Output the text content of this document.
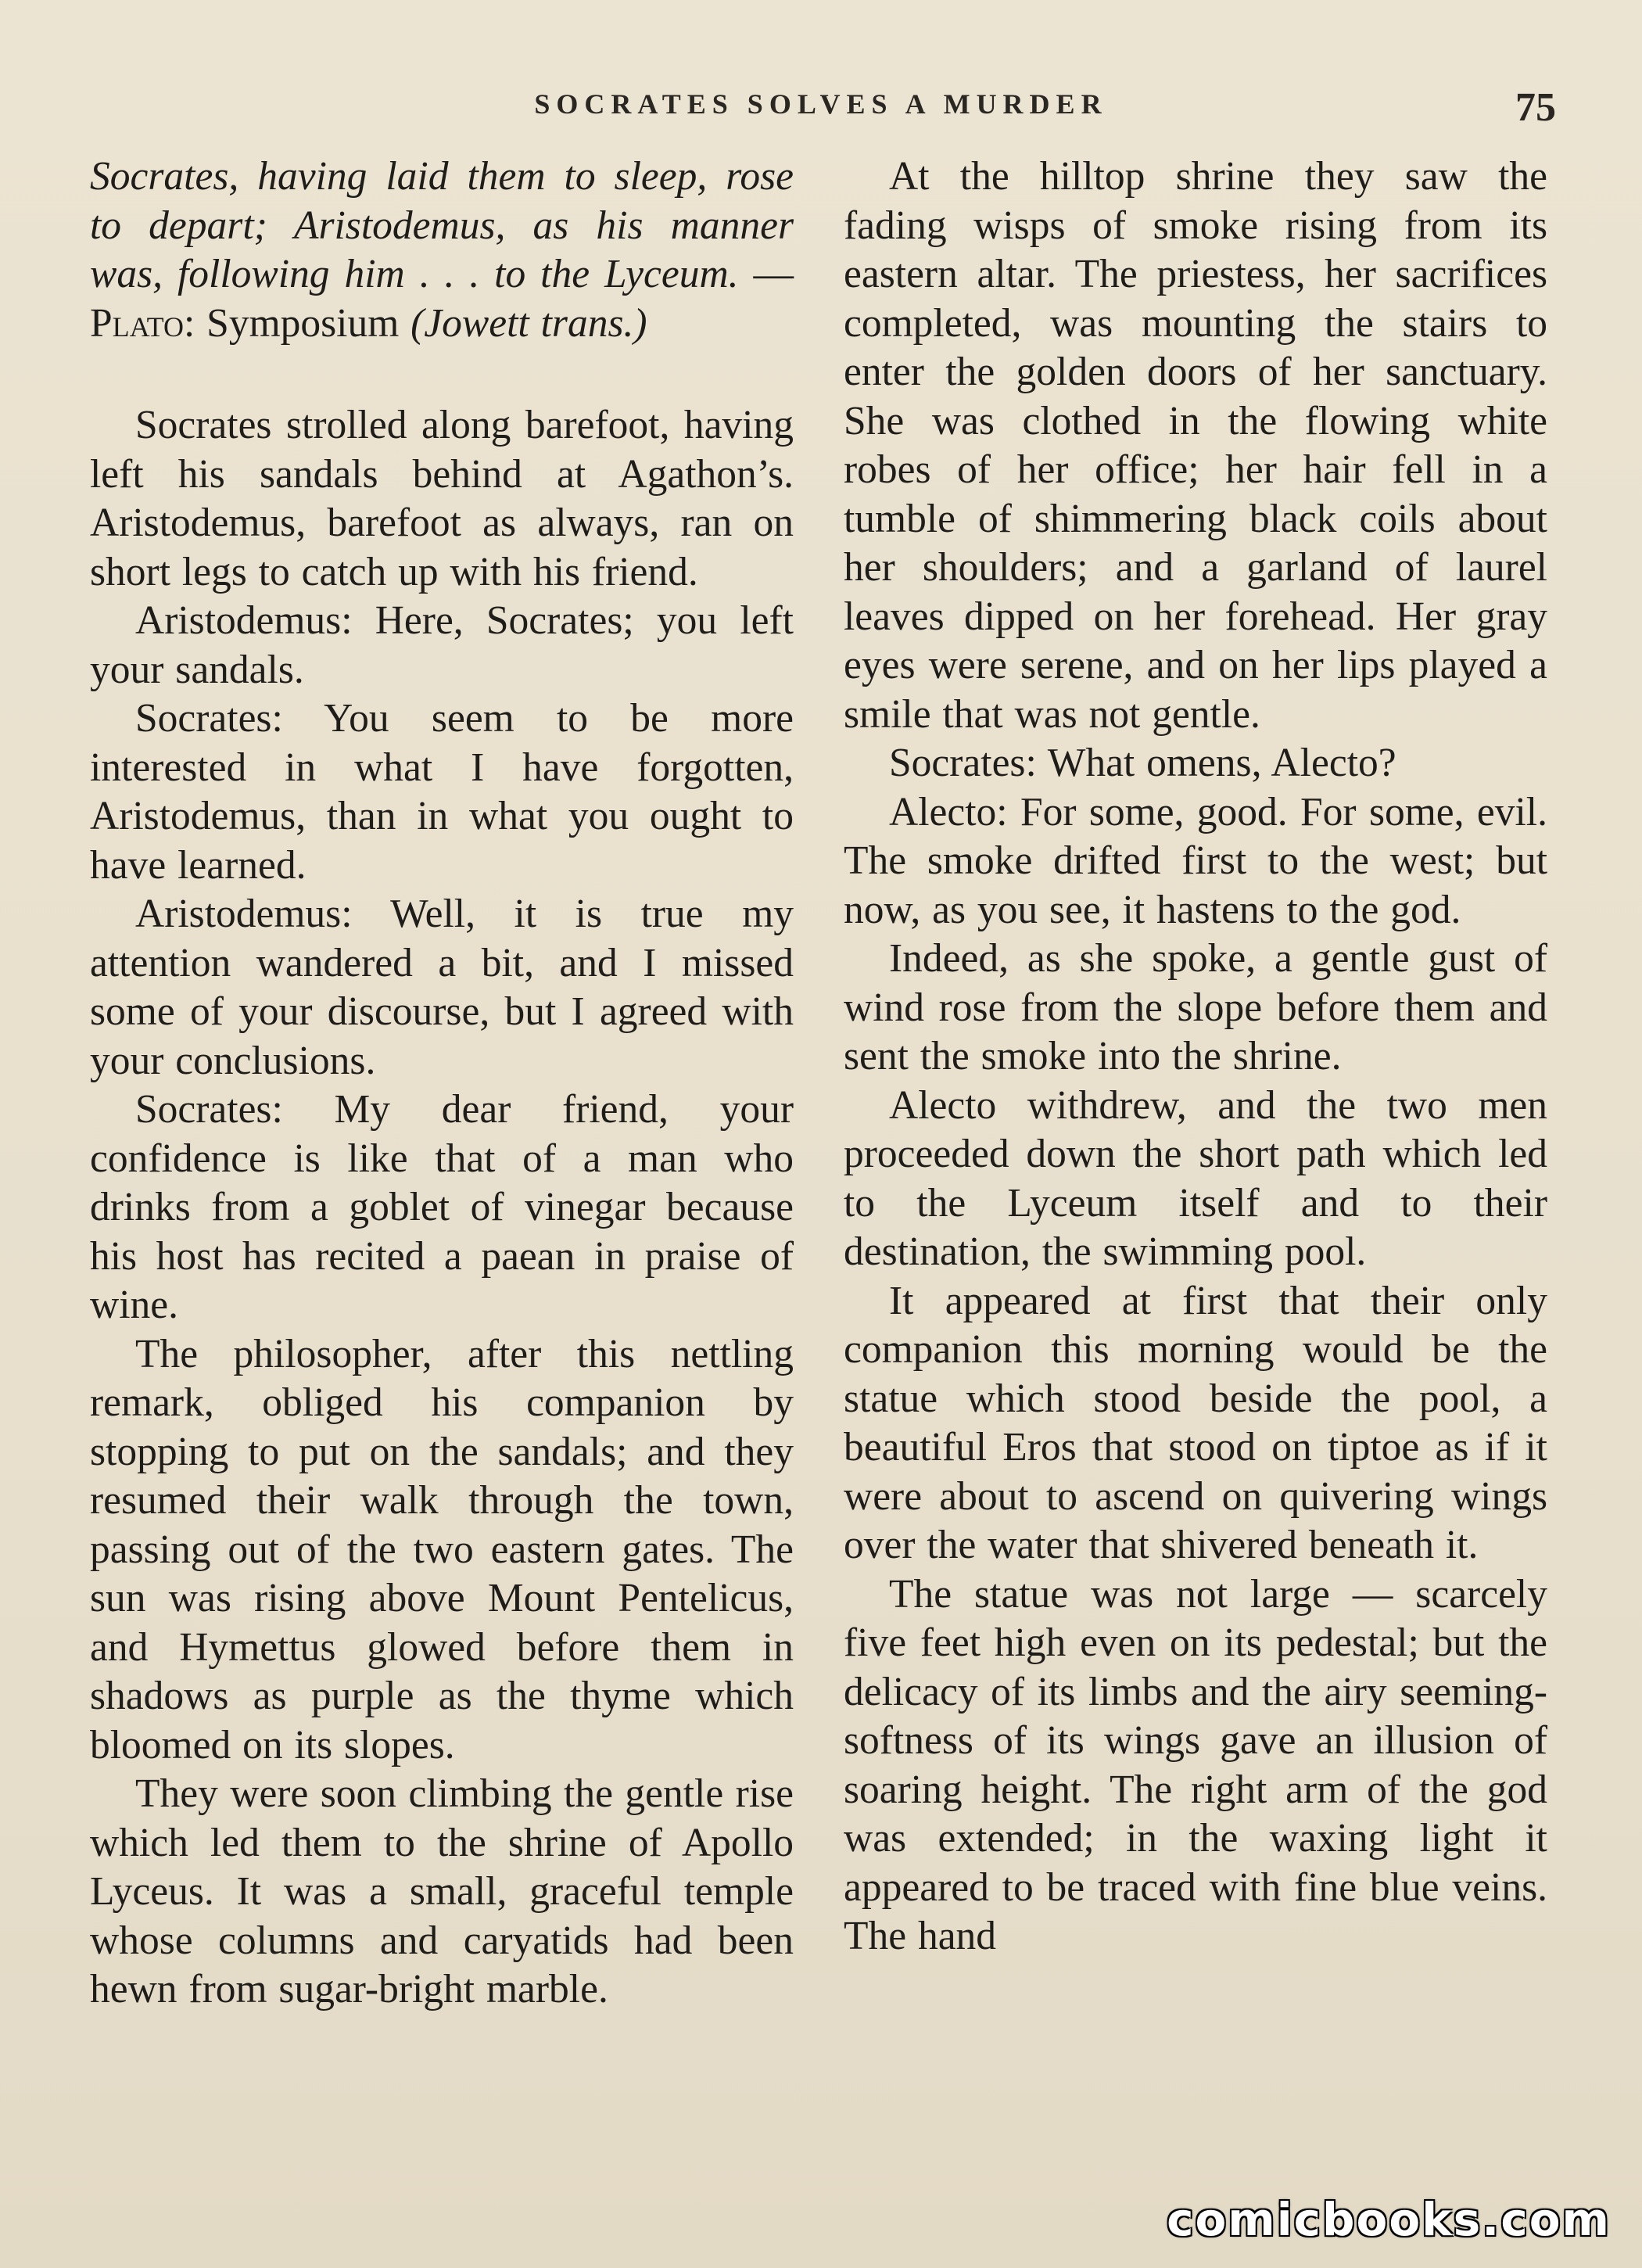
SOCRATES SOLVES A MURDER	75

Socrates, having laid them to sleep, rose to depart; Aristodemus, as his manner was, following him . . . to the Lyceum. — Plato: Symposium (Jowett trans.)

Socrates strolled along barefoot, having left his sandals behind at Agathon’s. Aristodemus, barefoot as always, ran on short legs to catch up with his friend.

Aristodemus: Here, Socrates; you left your sandals.

Socrates: You seem to be more interested in what I have forgotten, Aristodemus, than in what you ought to have learned.

Aristodemus: Well, it is true my attention wandered a bit, and I missed some of your discourse, but I agreed with your conclusions.

Socrates: My dear friend, your confidence is like that of a man who drinks from a goblet of vinegar because his host has recited a paean in praise of wine.

The philosopher, after this nettling remark, obliged his companion by stopping to put on the sandals; and they resumed their walk through the town, passing out of the two eastern gates. The sun was rising above Mount Pentelicus, and Hymettus glowed before them in shadows as purple as the thyme which bloomed on its slopes.

They were soon climbing the gentle rise which led them to the shrine of Apollo Lyceus. It was a small, graceful temple whose columns and caryatids had been hewn from sugar-bright marble.

At the hilltop shrine they saw the fading wisps of smoke rising from its eastern altar. The priestess, her sacrifices completed, was mounting the stairs to enter the golden doors of her sanctuary. She was clothed in the flowing white robes of her office; her hair fell in a tumble of shimmering black coils about her shoulders; and a garland of laurel leaves dipped on her forehead. Her gray eyes were serene, and on her lips played a smile that was not gentle.

Socrates: What omens, Alecto?

Alecto: For some, good. For some, evil. The smoke drifted first to the west; but now, as you see, it hastens to the god.

Indeed, as she spoke, a gentle gust of wind rose from the slope before them and sent the smoke into the shrine.

Alecto withdrew, and the two men proceeded down the short path which led to the Lyceum itself and to their destination, the swimming pool.

It appeared at first that their only companion this morning would be the statue which stood beside the pool, a beautiful Eros that stood on tiptoe as if it were about to ascend on quivering wings over the water that shivered beneath it.

The statue was not large — scarcely five feet high even on its pedestal; but the delicacy of its limbs and the airy seeming-softness of its wings gave an illusion of soaring height. The right arm of the god was extended; in the waxing light it appeared to be traced with fine blue veins. The hand

comicbooks.com
